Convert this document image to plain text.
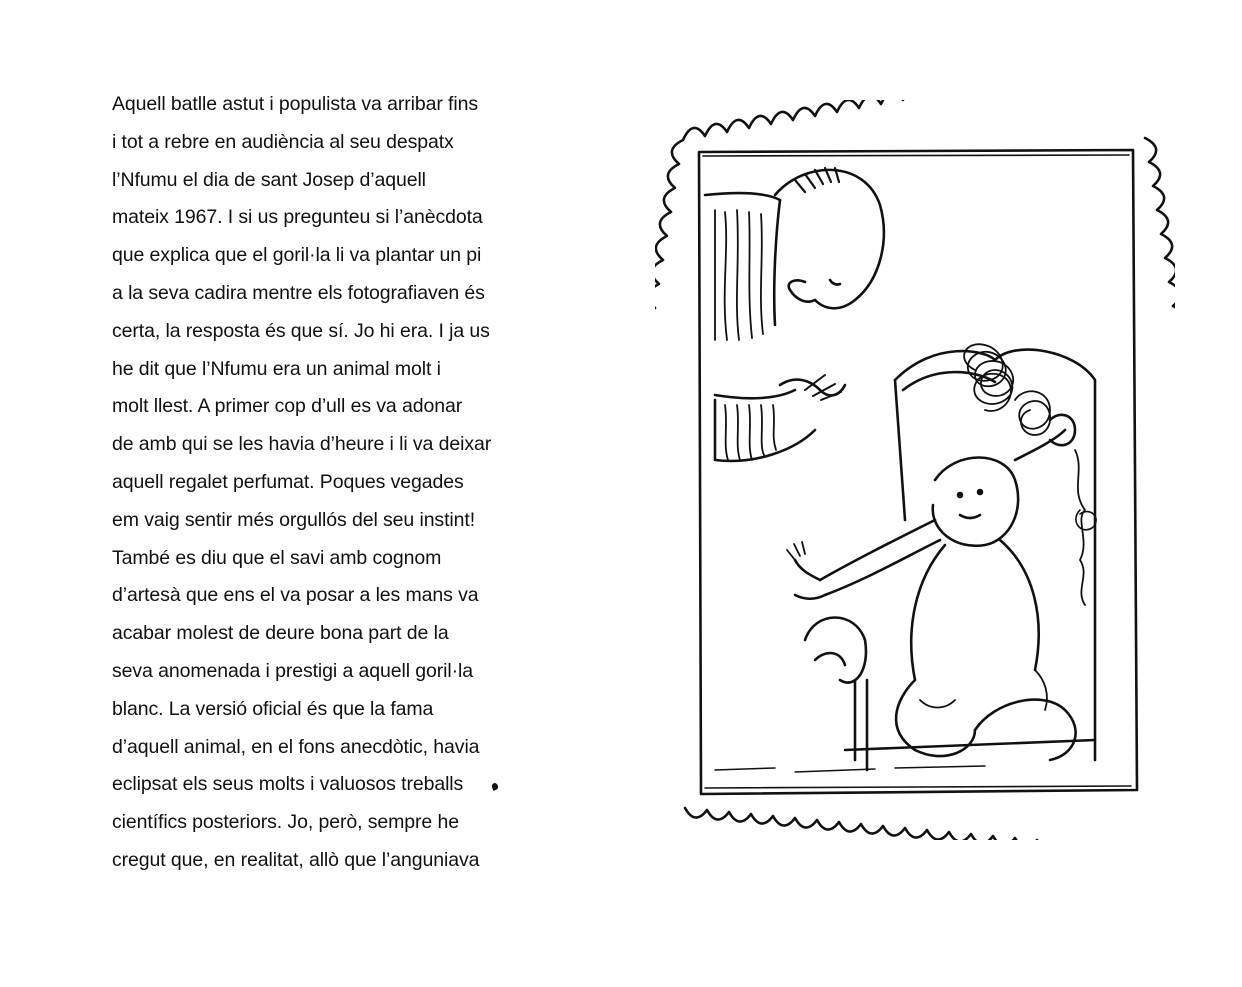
Aquell batlle astut i populista va arribar fins
i tot a rebre en audiència al seu despatx
l’Nfumu el dia de sant Josep d’aquell
mateix 1967. I si us pregunteu si l’anècdota
que explica que el goril·la li va plantar un pi
a la seva cadira mentre els fotografiaven és
certa, la resposta és que sí. Jo hi era. I ja us
he dit que l’Nfumu era un animal molt i
molt llest. A primer cop d’ull es va adonar
de amb qui se les havia d’heure i li va deixar
aquell regalet perfumat. Poques vegades
em vaig sentir més orgullós del seu instint!
També es diu que el savi amb cognom
d’artesà que ens el va posar a les mans va
acabar molest de deure bona part de la
seva anomenada i prestigi a aquell goril·la
blanc. La versió oficial és que la fama
d’aquell animal, en el fons anecdòtic, havia
eclipsat els seus molts i valuosos treballs
científics posteriors. Jo, però, sempre he
cregut que, en realitat, allò que l’anguniava
